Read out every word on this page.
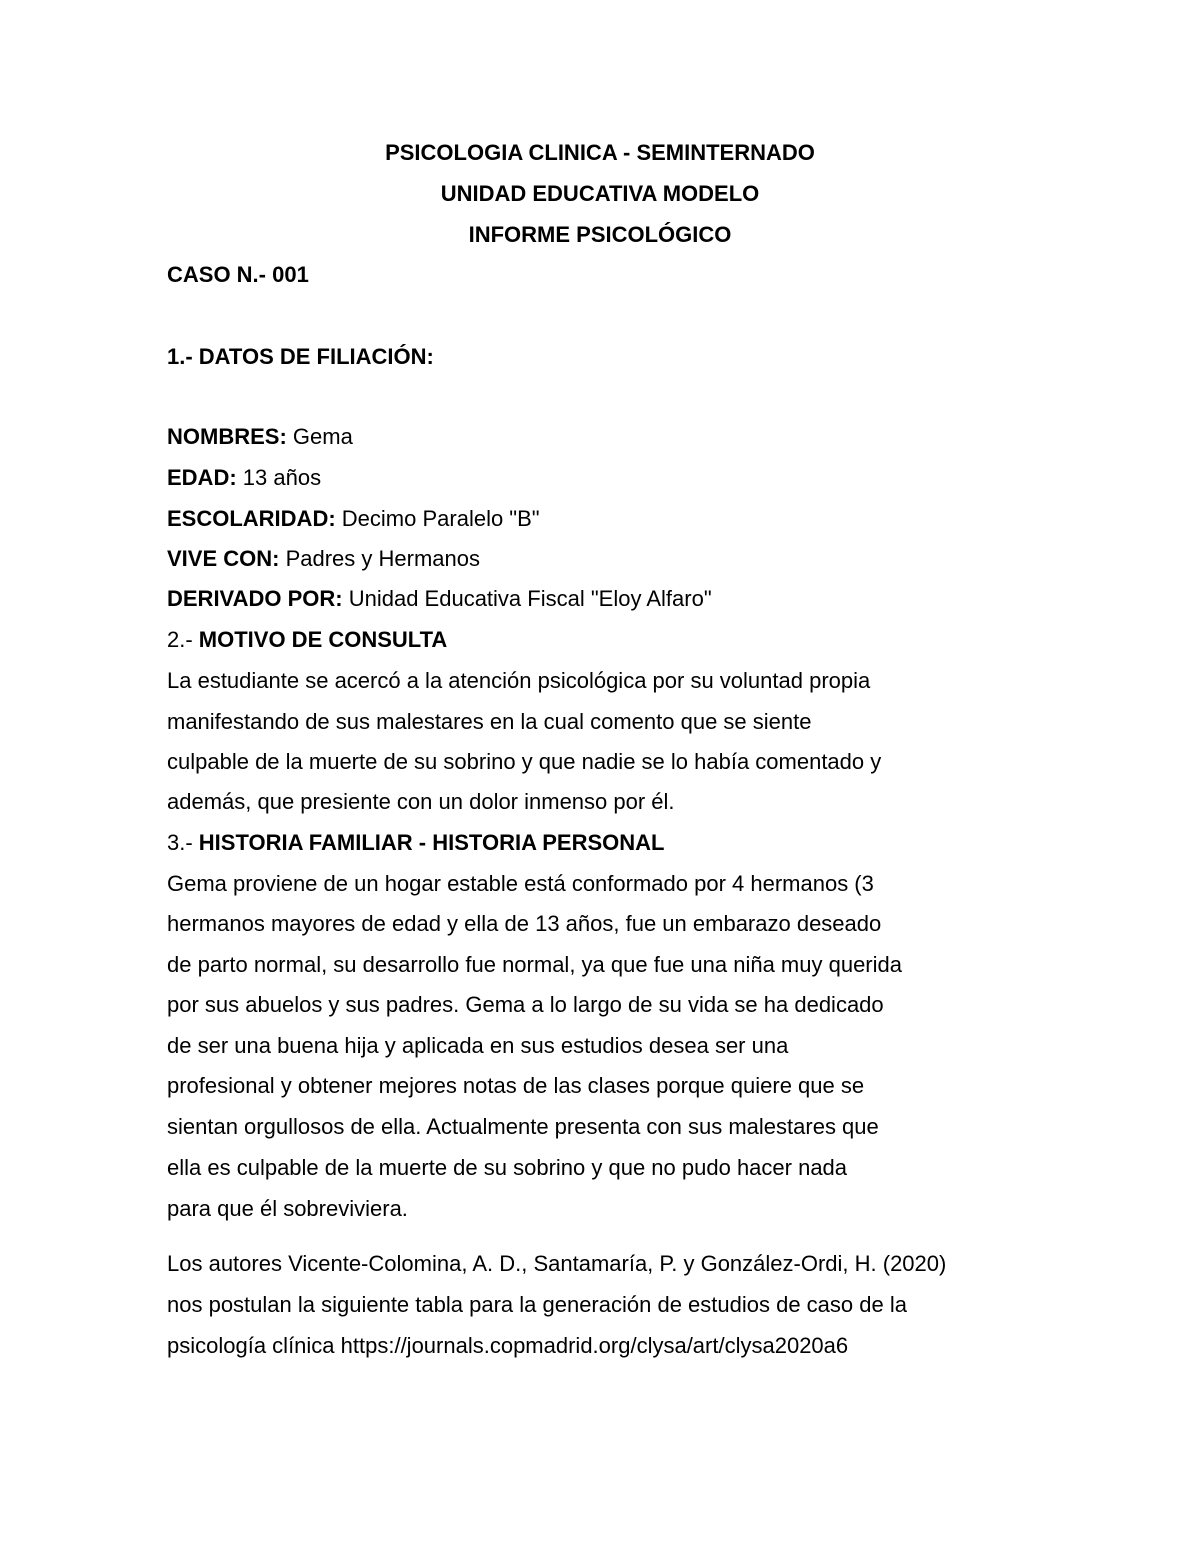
PSICOLOGIA CLINICA - SEMINTERNADO
UNIDAD EDUCATIVA MODELO
INFORME PSICOLÓGICO
CASO N.- 001
1.- DATOS DE FILIACIÓN:
NOMBRES: Gema
EDAD: 13 años
ESCOLARIDAD: Decimo Paralelo "B"
VIVE CON: Padres y Hermanos
DERIVADO POR: Unidad Educativa Fiscal "Eloy Alfaro"
2.- MOTIVO DE CONSULTA
La estudiante se acercó a la atención psicológica por su voluntad propia
manifestando de sus malestares en la cual comento que se siente
culpable de la muerte de su sobrino y que nadie se lo había comentado y
además, que presiente con un dolor inmenso por él.
3.- HISTORIA FAMILIAR - HISTORIA PERSONAL
Gema proviene de un hogar estable está conformado por 4 hermanos (3
hermanos mayores de edad y ella de 13 años, fue un embarazo deseado
de parto normal, su desarrollo fue normal, ya que fue una niña muy querida
por sus abuelos y sus padres. Gema a lo largo de su vida se ha dedicado
de ser una buena hija y aplicada en sus estudios desea ser una
profesional y obtener mejores notas de las clases porque quiere que se
sientan orgullosos de ella. Actualmente presenta con sus malestares que
ella es culpable de la muerte de su sobrino y que no pudo hacer nada
para que él sobreviviera.
Los autores Vicente-Colomina, A. D., Santamaría, P. y González-Ordi, H. (2020)
nos postulan la siguiente tabla para la generación de estudios de caso de la
psicología clínica https://journals.copmadrid.org/clysa/art/clysa2020a6
